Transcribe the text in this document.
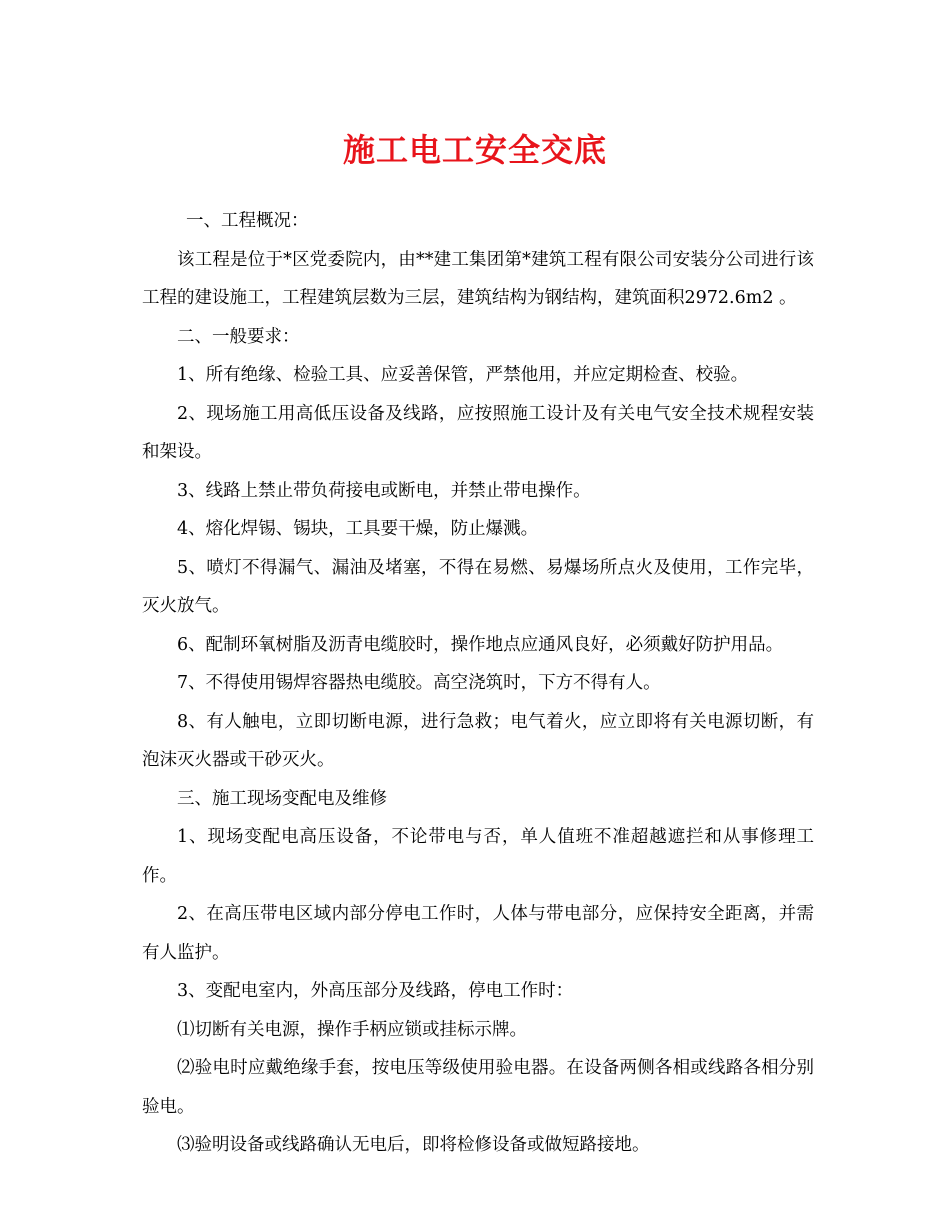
施工电工安全交底

一、工程概况：

该工程是位于*区党委院内，由**建工集团第*建筑工程有限公司安装分公司进行该工程的建设施工，工程建筑层数为三层，建筑结构为钢结构，建筑面积2972.6m2 。

二、一般要求：

1、所有绝缘、检验工具、应妥善保管，严禁他用，并应定期检查、校验。

2、现场施工用高低压设备及线路，应按照施工设计及有关电气安全技术规程安装和架设。

3、线路上禁止带负荷接电或断电，并禁止带电操作。

4、熔化焊锡、锡块，工具要干燥，防止爆溅。

5、喷灯不得漏气、漏油及堵塞，不得在易燃、易爆场所点火及使用，工作完毕，灭火放气。

6、配制环氧树脂及沥青电缆胶时，操作地点应通风良好，必须戴好防护用品。

7、不得使用锡焊容器热电缆胶。高空浇筑时，下方不得有人。

8、有人触电，立即切断电源，进行急救；电气着火，应立即将有关电源切断，有泡沫灭火器或干砂灭火。

三、施工现场变配电及维修

1、现场变配电高压设备，不论带电与否，单人值班不准超越遮拦和从事修理工作。

2、在高压带电区域内部分停电工作时，人体与带电部分，应保持安全距离，并需有人监护。

3、变配电室内，外高压部分及线路，停电工作时：

⑴切断有关电源，操作手柄应锁或挂标示牌。

⑵验电时应戴绝缘手套，按电压等级使用验电器。在设备两侧各相或线路各相分别验电。

⑶验明设备或线路确认无电后，即将检修设备或做短路接地。
